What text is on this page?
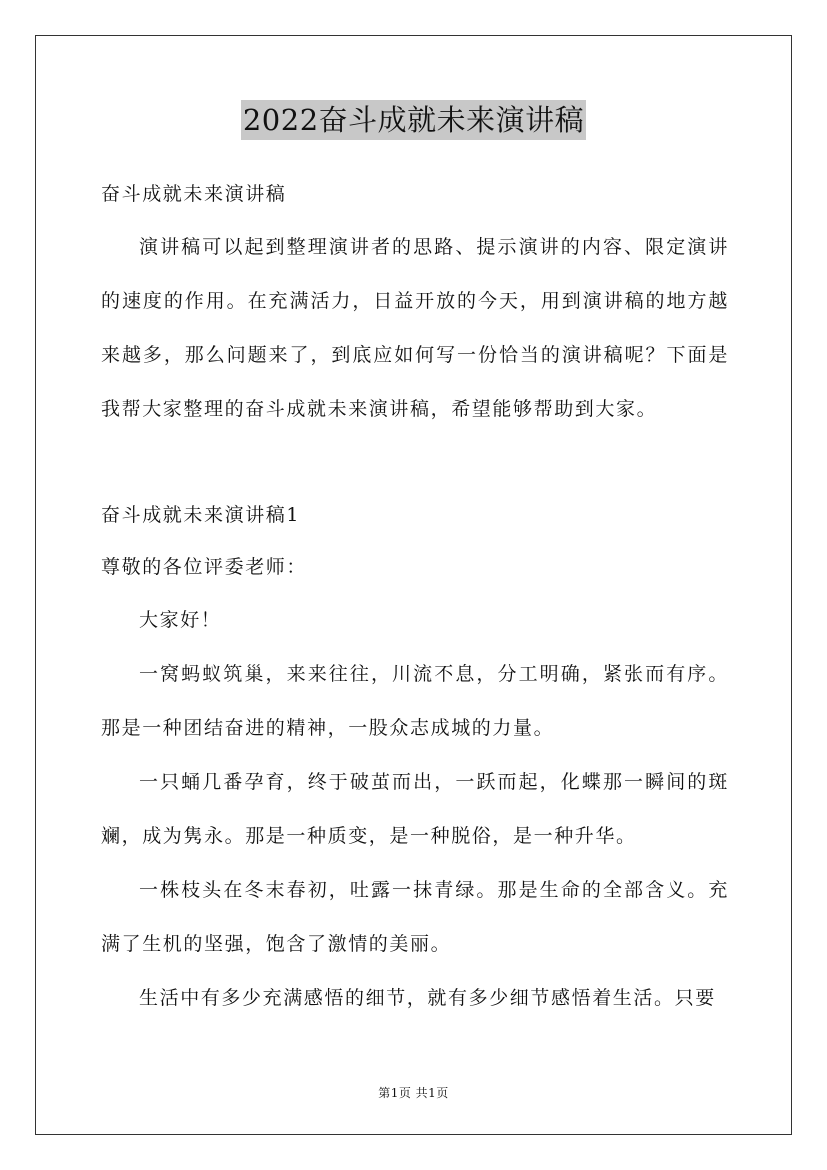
2022奋斗成就未来演讲稿
奋斗成就未来演讲稿

演讲稿可以起到整理演讲者的思路、提示演讲的内容、限定演讲的速度的作用。在充满活力，日益开放的今天，用到演讲稿的地方越来越多，那么问题来了，到底应如何写一份恰当的演讲稿呢？下面是我帮大家整理的奋斗成就未来演讲稿，希望能够帮助到大家。

奋斗成就未来演讲稿1
尊敬的各位评委老师：

大家好！

一窝蚂蚁筑巢，来来往往，川流不息，分工明确，紧张而有序。那是一种团结奋进的精神，一股众志成城的力量。

一只蛹几番孕育，终于破茧而出，一跃而起，化蝶那一瞬间的斑斓，成为隽永。那是一种质变，是一种脱俗，是一种升华。

一株枝头在冬末春初，吐露一抹青绿。那是生命的全部含义。充满了生机的坚强，饱含了激情的美丽。

生活中有多少充满感悟的细节，就有多少细节感悟着生活。只要

第1页 共1页
